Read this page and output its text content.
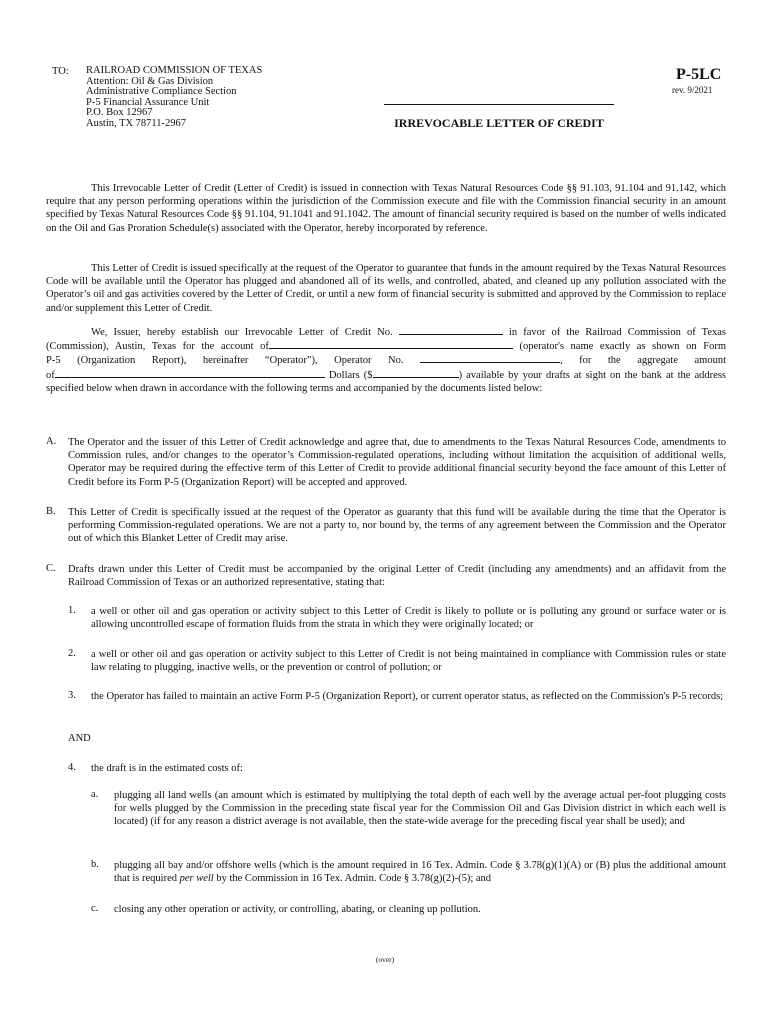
TO: RAILROAD COMMISSION OF TEXAS
Attention: Oil & Gas Division
Administrative Compliance Section
P-5 Financial Assurance Unit
P.O. Box 12967
Austin, TX 78711-2967
P-5LC
rev. 9/2021
IRREVOCABLE LETTER OF CREDIT
This Irrevocable Letter of Credit (Letter of Credit) is issued in connection with Texas Natural Resources Code §§ 91.103, 91.104 and 91.142, which require that any person performing operations within the jurisdiction of the Commission execute and file with the Commission financial security in an amount specified by Texas Natural Resources Code §§ 91.104, 91.1041 and 91.1042. The amount of financial security required is based on the number of wells indicated on the Oil and Gas Proration Schedule(s) associated with the Operator, hereby incorporated by reference.
This Letter of Credit is issued specifically at the request of the Operator to guarantee that funds in the amount required by the Texas Natural Resources Code will be available until the Operator has plugged and abandoned all of its wells, and controlled, abated, and cleaned up any pollution associated with the Operator’s oil and gas activities covered by the Letter of Credit, or until a new form of financial security is submitted and approved by the Commission to replace and/or supplement this Letter of Credit.
We, Issuer, hereby establish our Irrevocable Letter of Credit No.	in favor of the Railroad Commission of Texas
(Commission), Austin, Texas for the account of	(operator's name exactly as shown on Form
P-5 (Organization Report), hereinafter “Operator”), Operator No.	, for the aggregate amount
of	Dollars ($	) available by your drafts at sight on the bank at the address
specified below when drawn in accordance with the following terms and accompanied by the documents listed below:
A. The Operator and the issuer of this Letter of Credit acknowledge and agree that, due to amendments to the Texas Natural Resources Code, amendments to Commission rules, and/or changes to the operator’s Commission-regulated operations, including without limitation the acquisition of additional wells, Operator may be required during the effective term of this Letter of Credit to provide additional financial security beyond the face amount of this Letter of Credit before its Form P-5 (Organization Report) will be accepted and approved.
B. This Letter of Credit is specifically issued at the request of the Operator as guaranty that this fund will be available during the time that the Operator is performing Commission-regulated operations. We are not a party to, nor bound by, the terms of any agreement between the Commission and the Operator out of which this Blanket Letter of Credit may arise.
C. Drafts drawn under this Letter of Credit must be accompanied by the original Letter of Credit (including any amendments) and an affidavit from the Railroad Commission of Texas or an authorized representative, stating that:
1. a well or other oil and gas operation or activity subject to this Letter of Credit is likely to pollute or is polluting any ground or surface water or is allowing uncontrolled escape of formation fluids from the strata in which they were originally located; or
2. a well or other oil and gas operation or activity subject to this Letter of Credit is not being maintained in compliance with Commission rules or state law relating to plugging, inactive wells, or the prevention or control of pollution; or
3. the Operator has failed to maintain an active Form P-5 (Organization Report), or current operator status, as reflected on the Commission's P-5 records;
AND
4. the draft is in the estimated costs of:
a. plugging all land wells (an amount which is estimated by multiplying the total depth of each well by the average actual per-foot plugging costs for wells plugged by the Commission in the preceding state fiscal year for the Commission Oil and Gas Division district in which each well is located) (if for any reason a district average is not available, then the state-wide average for the preceding fiscal year shall be used); and
b. plugging all bay and/or offshore wells (which is the amount required in 16 Tex. Admin. Code § 3.78(g)(1)(A) or (B) plus the additional amount that is required per well by the Commission in 16 Tex. Admin. Code § 3.78(g)(2)-(5); and
c. closing any other operation or activity, or controlling, abating, or cleaning up pollution.
(over)
